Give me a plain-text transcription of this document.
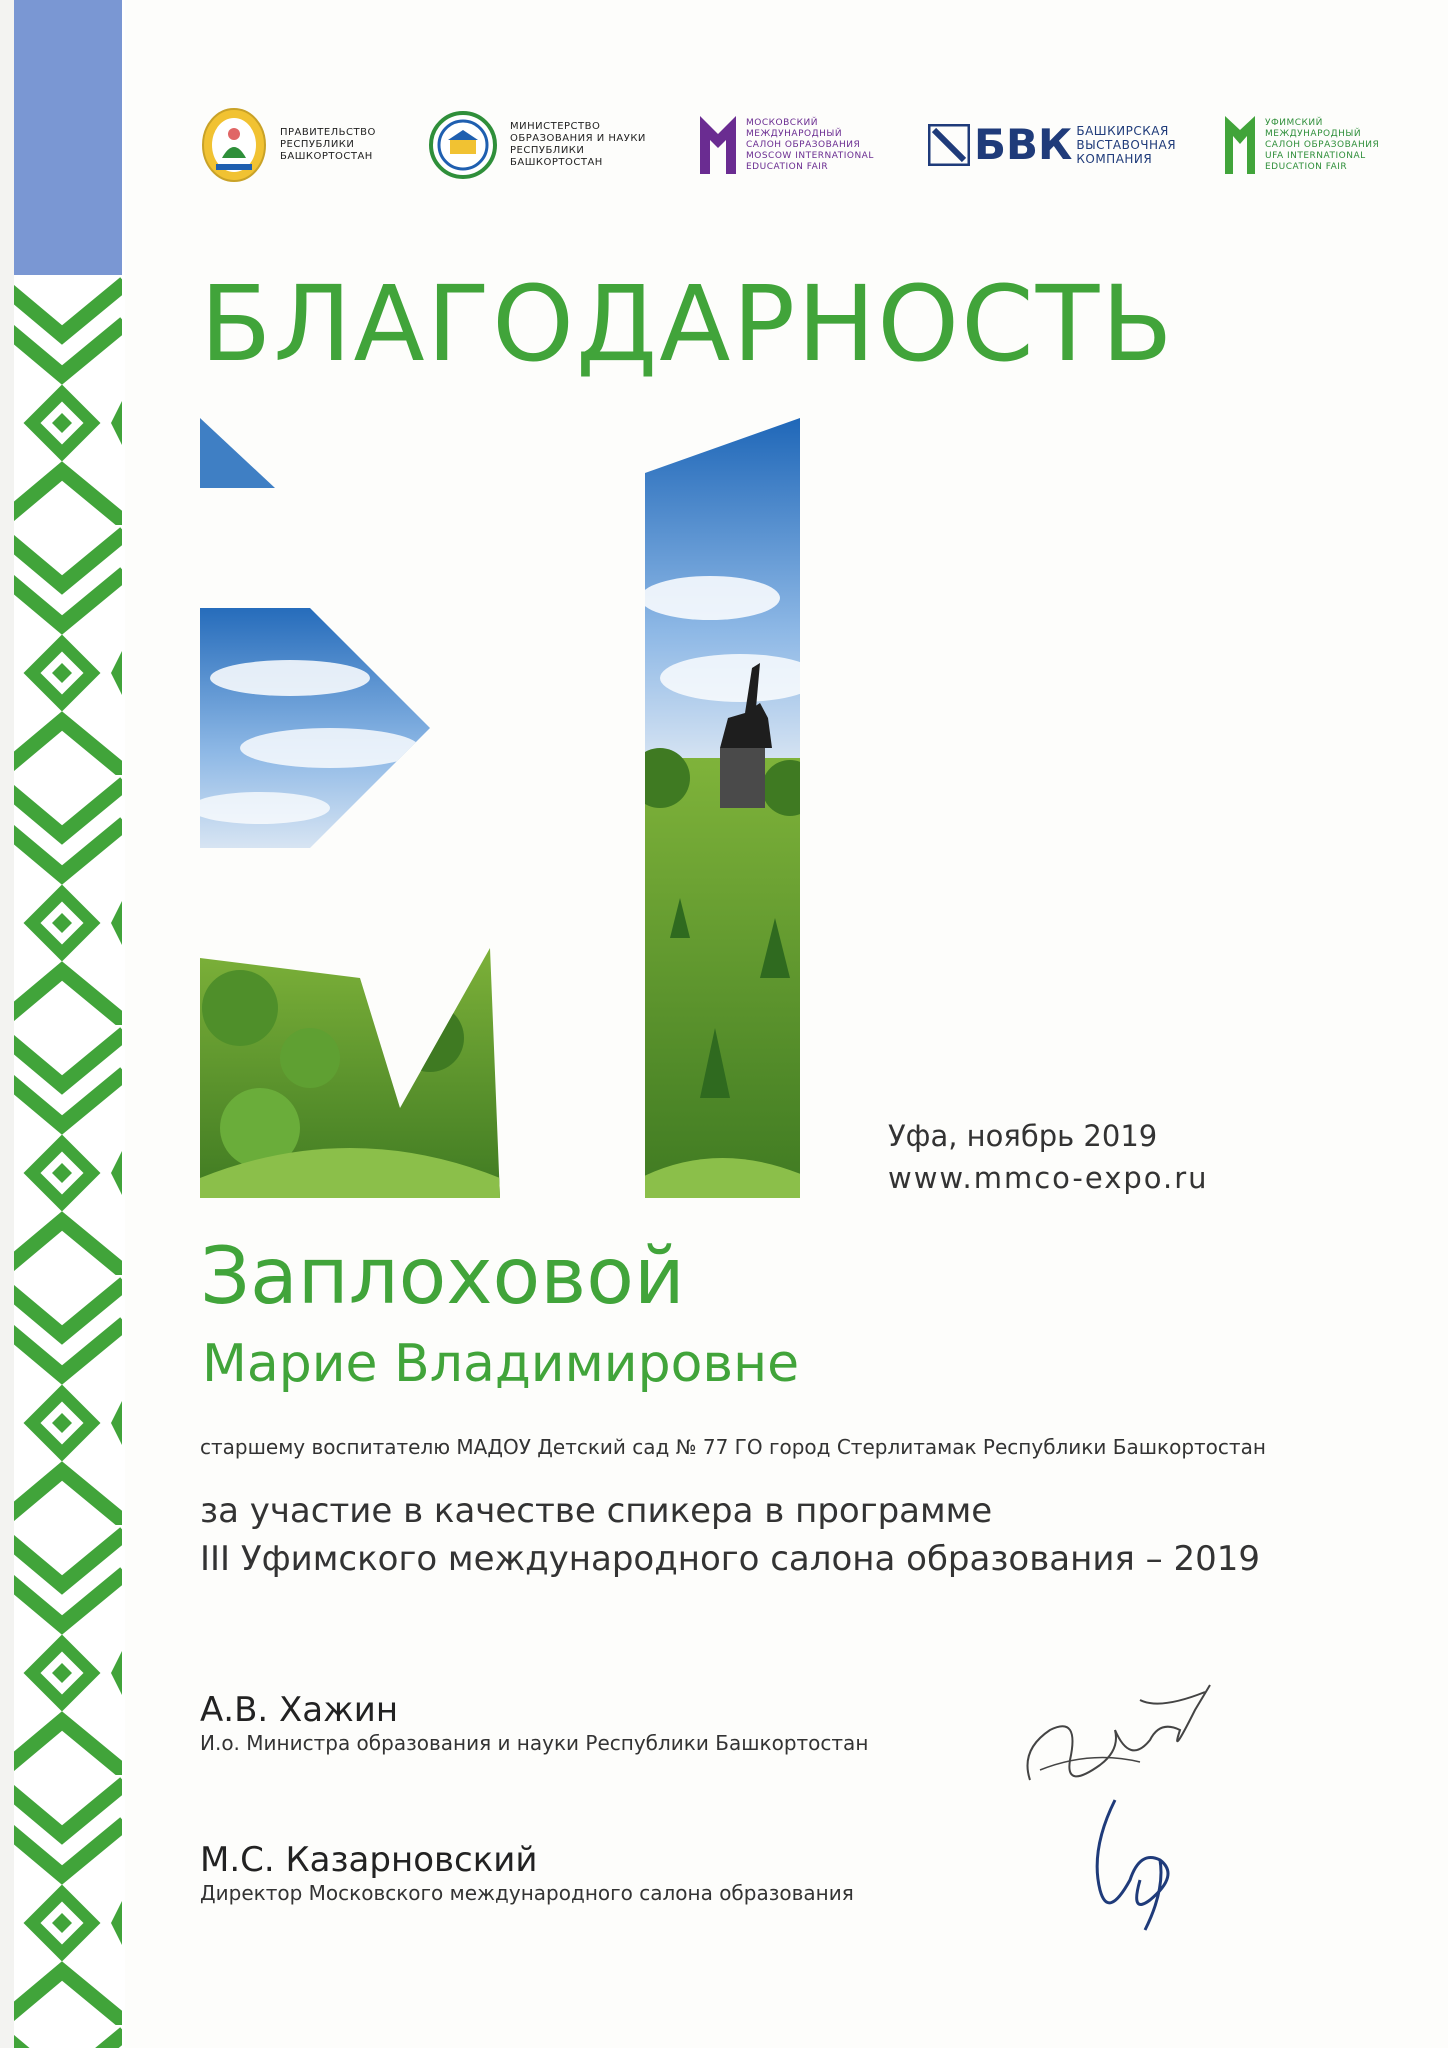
ПРАВИТЕЛЬСТВО
РЕСПУБЛИКИ
БАШКОРТОСТАН
МИНИСТЕРСТВО
ОБРАЗОВАНИЯ И НАУКИ
РЕСПУБЛИКИ
БАШКОРТОСТАН
МОСКОВСКИЙ
МЕЖДУНАРОДНЫЙ
САЛОН ОБРАЗОВАНИЯ
MOSCOW INTERNATIONAL
EDUCATION FAIR	БВК БАШКИРСКАЯ
ВЫСТАВОЧНАЯ
КОМПАНИЯ
УФИМСКИЙ
МЕЖДУНАРОДНЫЙ
САЛОН ОБРАЗОВАНИЯ
UFA INTERNATIONAL
EDUCATION FAIR
БЛАГОДАРНОСТЬ
Уфа, ноябрь 2019
www.mmco-expo.ru
Заплоховой
Марие Владимировне
старшему воспитателю МАДОУ Детский сад № 77 ГО город Стерлитамак Республики Башкортостан
за участие в качестве спикера в программе
III Уфимского международного салона образования – 2019
А.В. Хажин
И.о. Министра образования и науки Республики Башкортостан
М.С. Казарновский
Директор Московского международного салона образования
